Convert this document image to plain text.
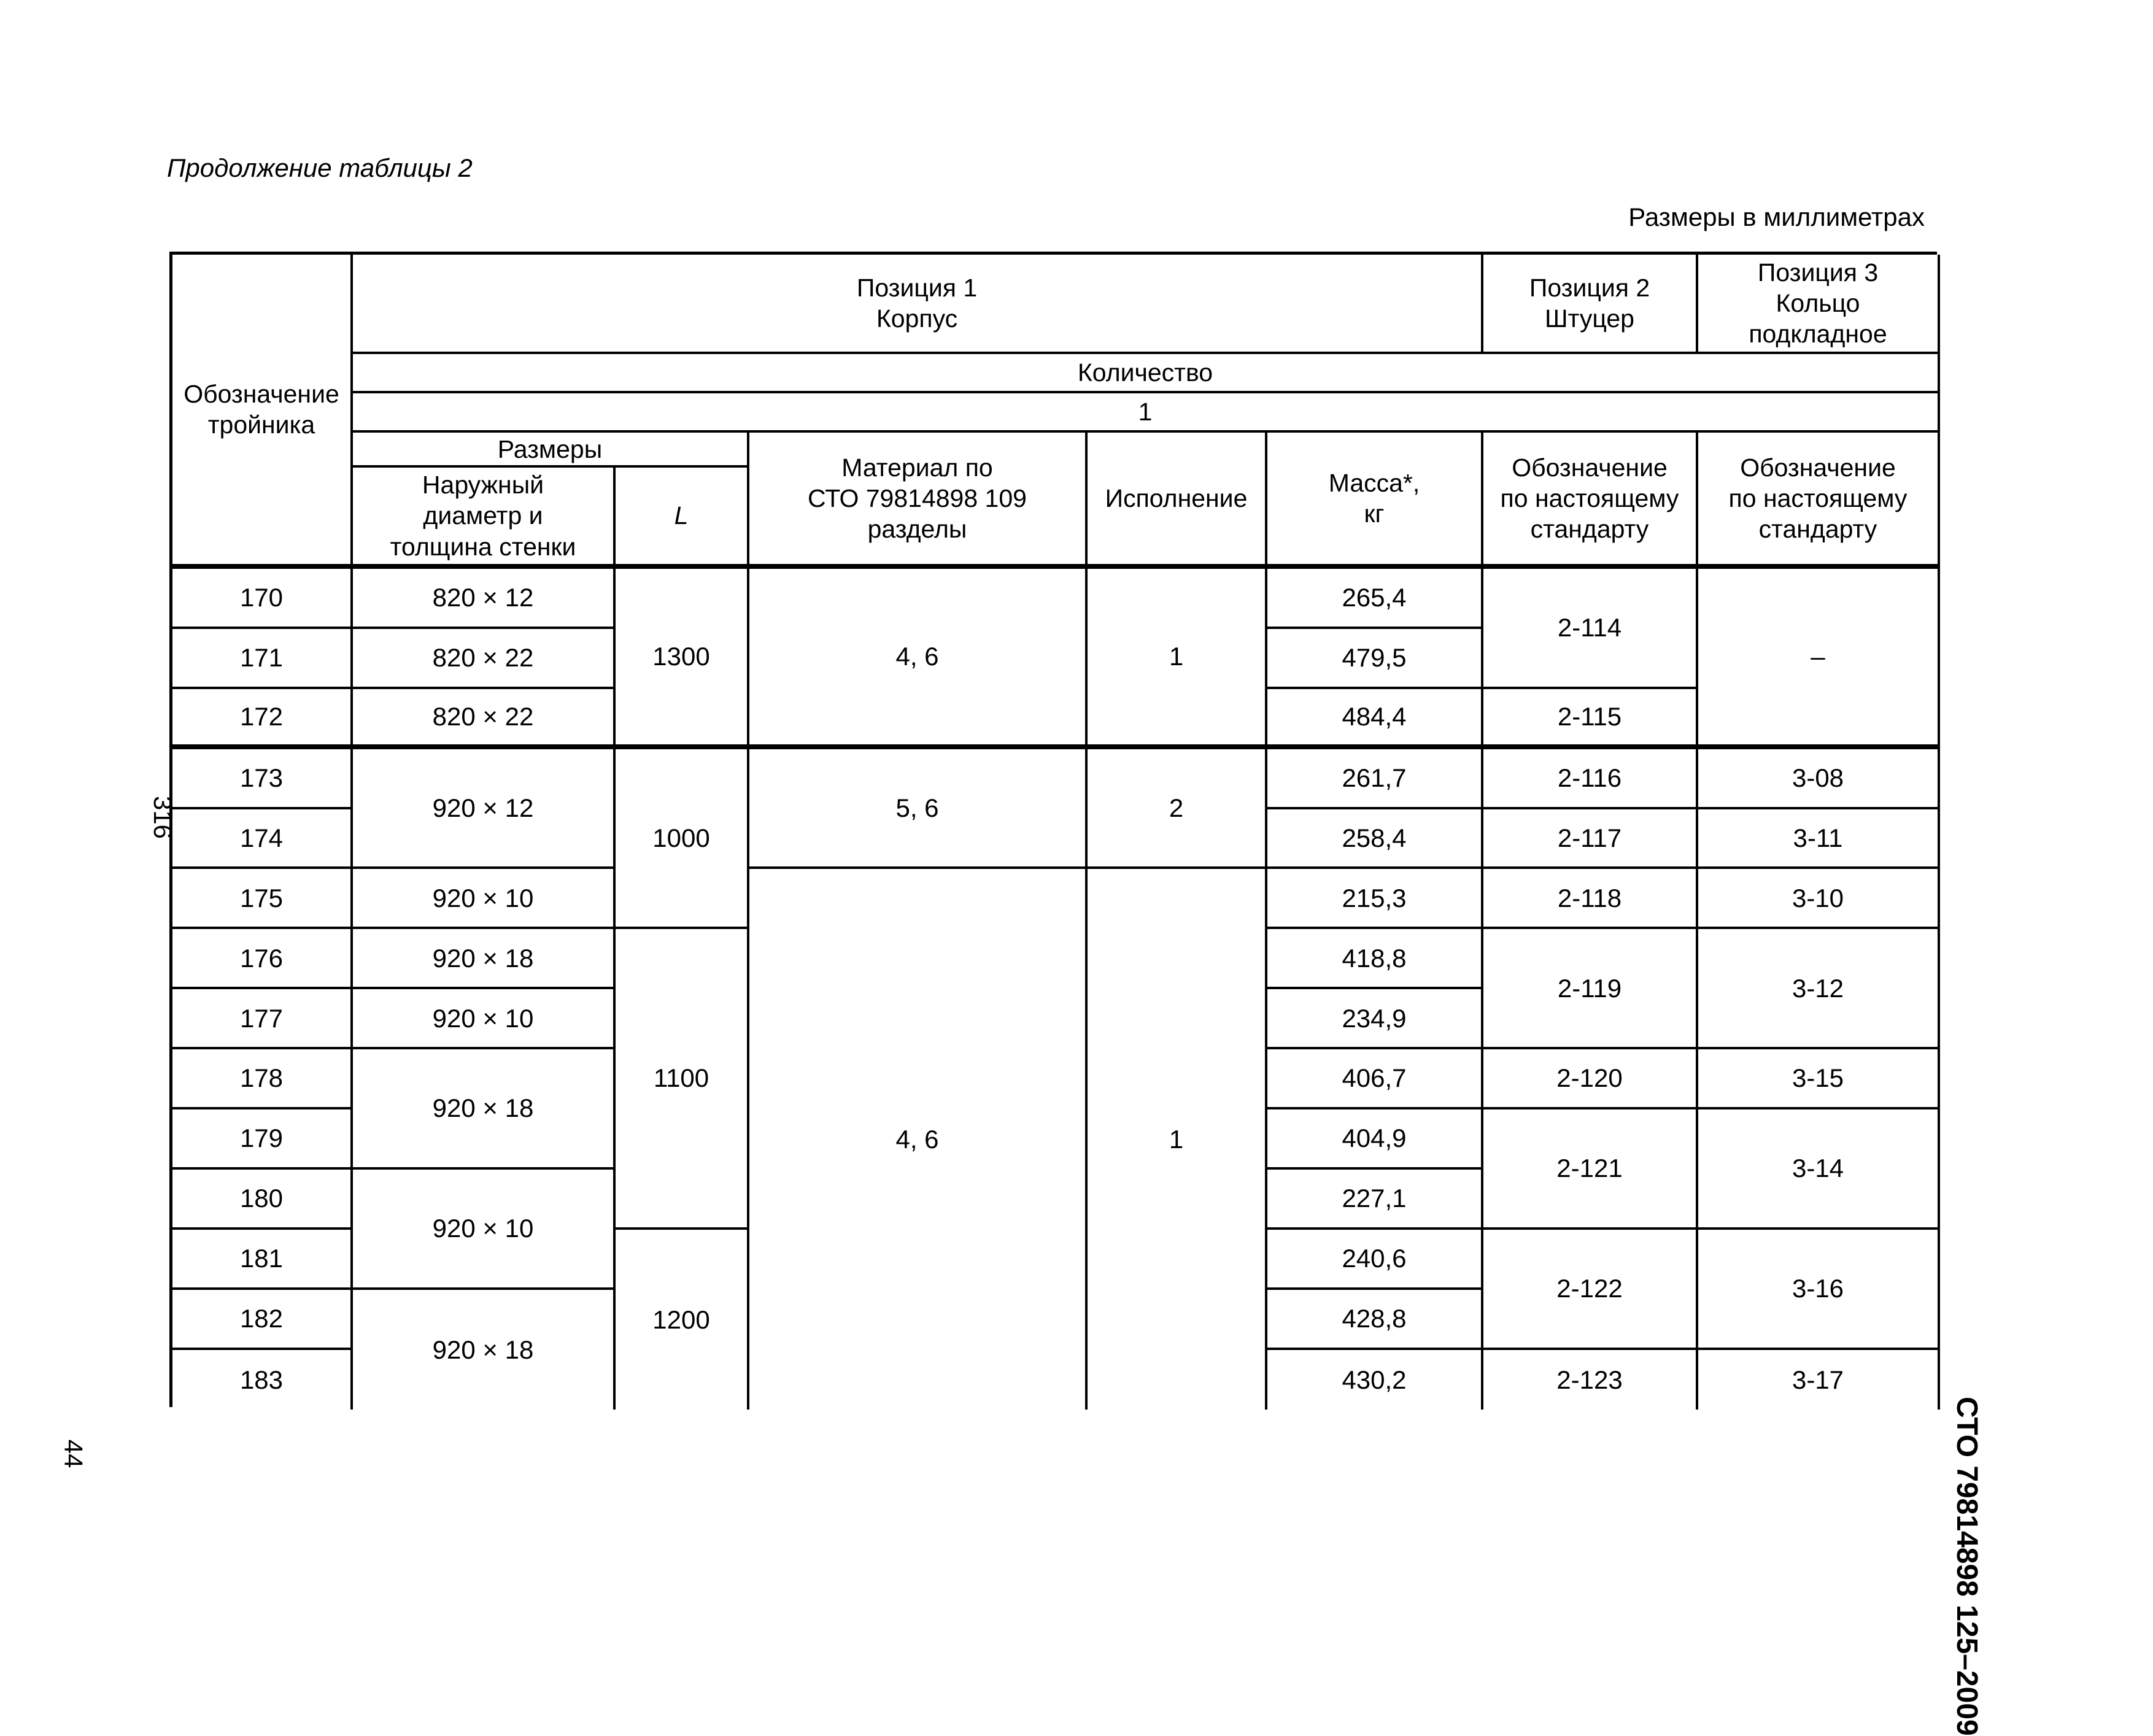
Продолжение таблицы 2
Размеры в миллиметрах
316
44	СТО 79814898 125–2009
Обозначение
тройника
Позиция 1
Корпус
Позиция 2
Штуцер
Позиция 3
Кольцо
подкладное
Количество
1
Размеры
Наружный
диаметр и
толщина стенки
L
Материал по
СТО 79814898 109
разделы
Исполнение
Масса*,
кг
Обозначение
по настоящему
стандарту
Обозначение
по настоящему
стандарту
170
171
172
173
174
175
176
177
178
179
180
181
182
183
820 × 12
820 × 22
820 × 22
920 × 12
920 × 10
920 × 18
920 × 10
920 × 18
920 × 10
920 × 18
1300
1000
1100
1200
4, 6
5, 6
4, 6
1
2
1
265,4
479,5
484,4
261,7
258,4
215,3
418,8
234,9
406,7
404,9
227,1
240,6
428,8
430,2
2-114
2-115
2-116
2-117
2-118
2-119
2-120
2-121
2-122
2-123
–
3-08
3-11
3-10
3-12
3-15
3-14
3-16
3-17
